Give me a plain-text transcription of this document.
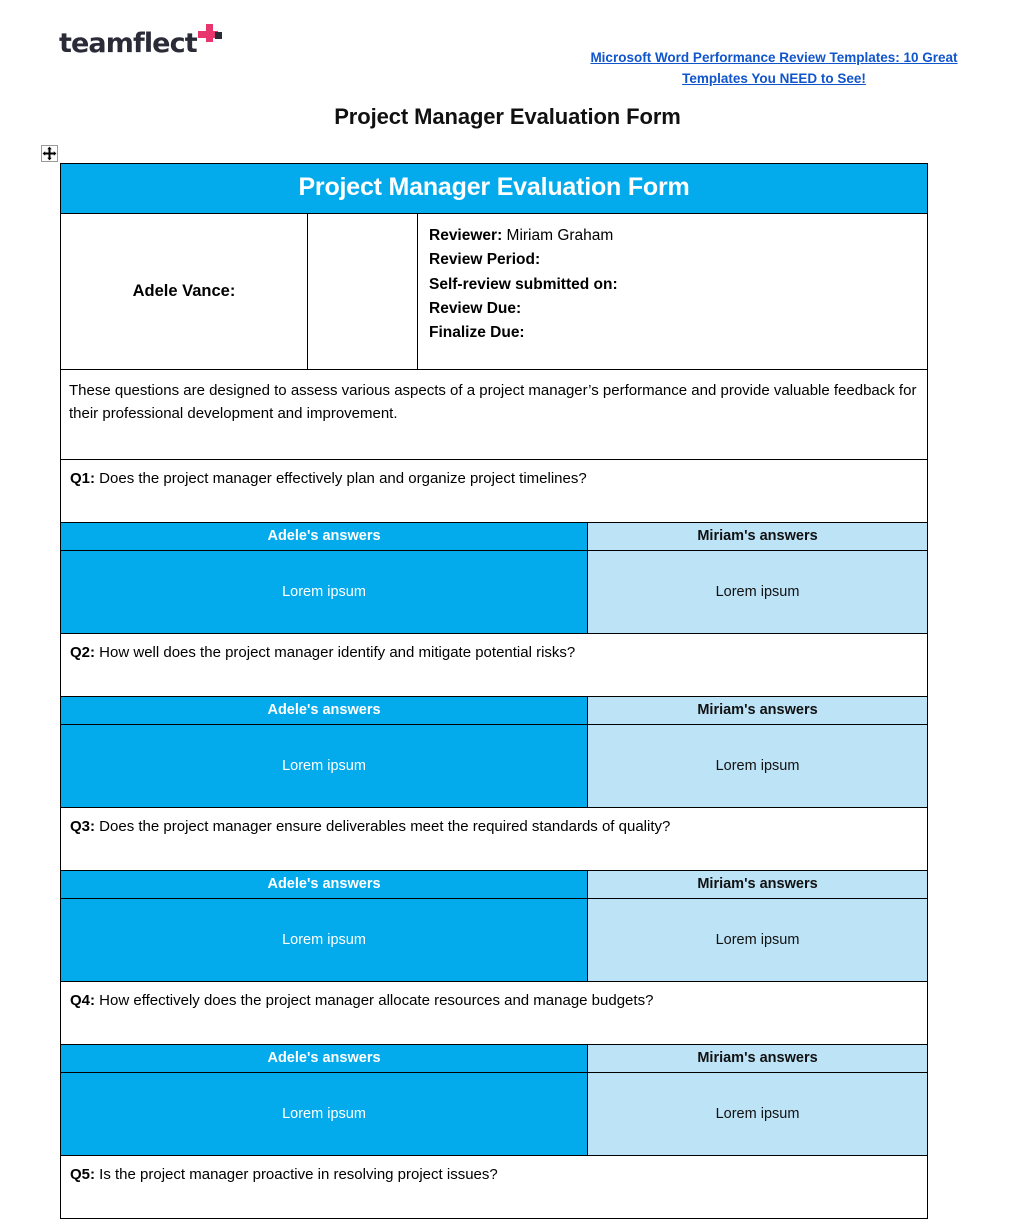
teamflect	Microsoft Word Performance Review Templates: 10 Great Templates You NEED to See!
Project Manager Evaluation Form
Project Manager Evaluation Form			
Adele Vance:		Reviewer: Miriam Graham
Review Period:
Self-review submitted on:
Review Due:
Finalize Due:	

These questions are designed to assess various aspects of a project manager’s performance and provide valuable feedback for their professional development and improvement.			

Q1: Does the project manager effectively plan and organize project timelines?			

Adele's answers			Miriam's answers
Lorem ipsum			Lorem ipsum

Q2: How well does the project manager identify and mitigate potential risks?			

Adele's answers			Miriam's answers
Lorem ipsum			Lorem ipsum

Q3: Does the project manager ensure deliverables meet the required standards of quality?			

Adele's answers			Miriam's answers
Lorem ipsum			Lorem ipsum

Q4: How effectively does the project manager allocate resources and manage budgets?			

Adele's answers			Miriam's answers
Lorem ipsum			Lorem ipsum

Q5: Is the project manager proactive in resolving project issues?			
